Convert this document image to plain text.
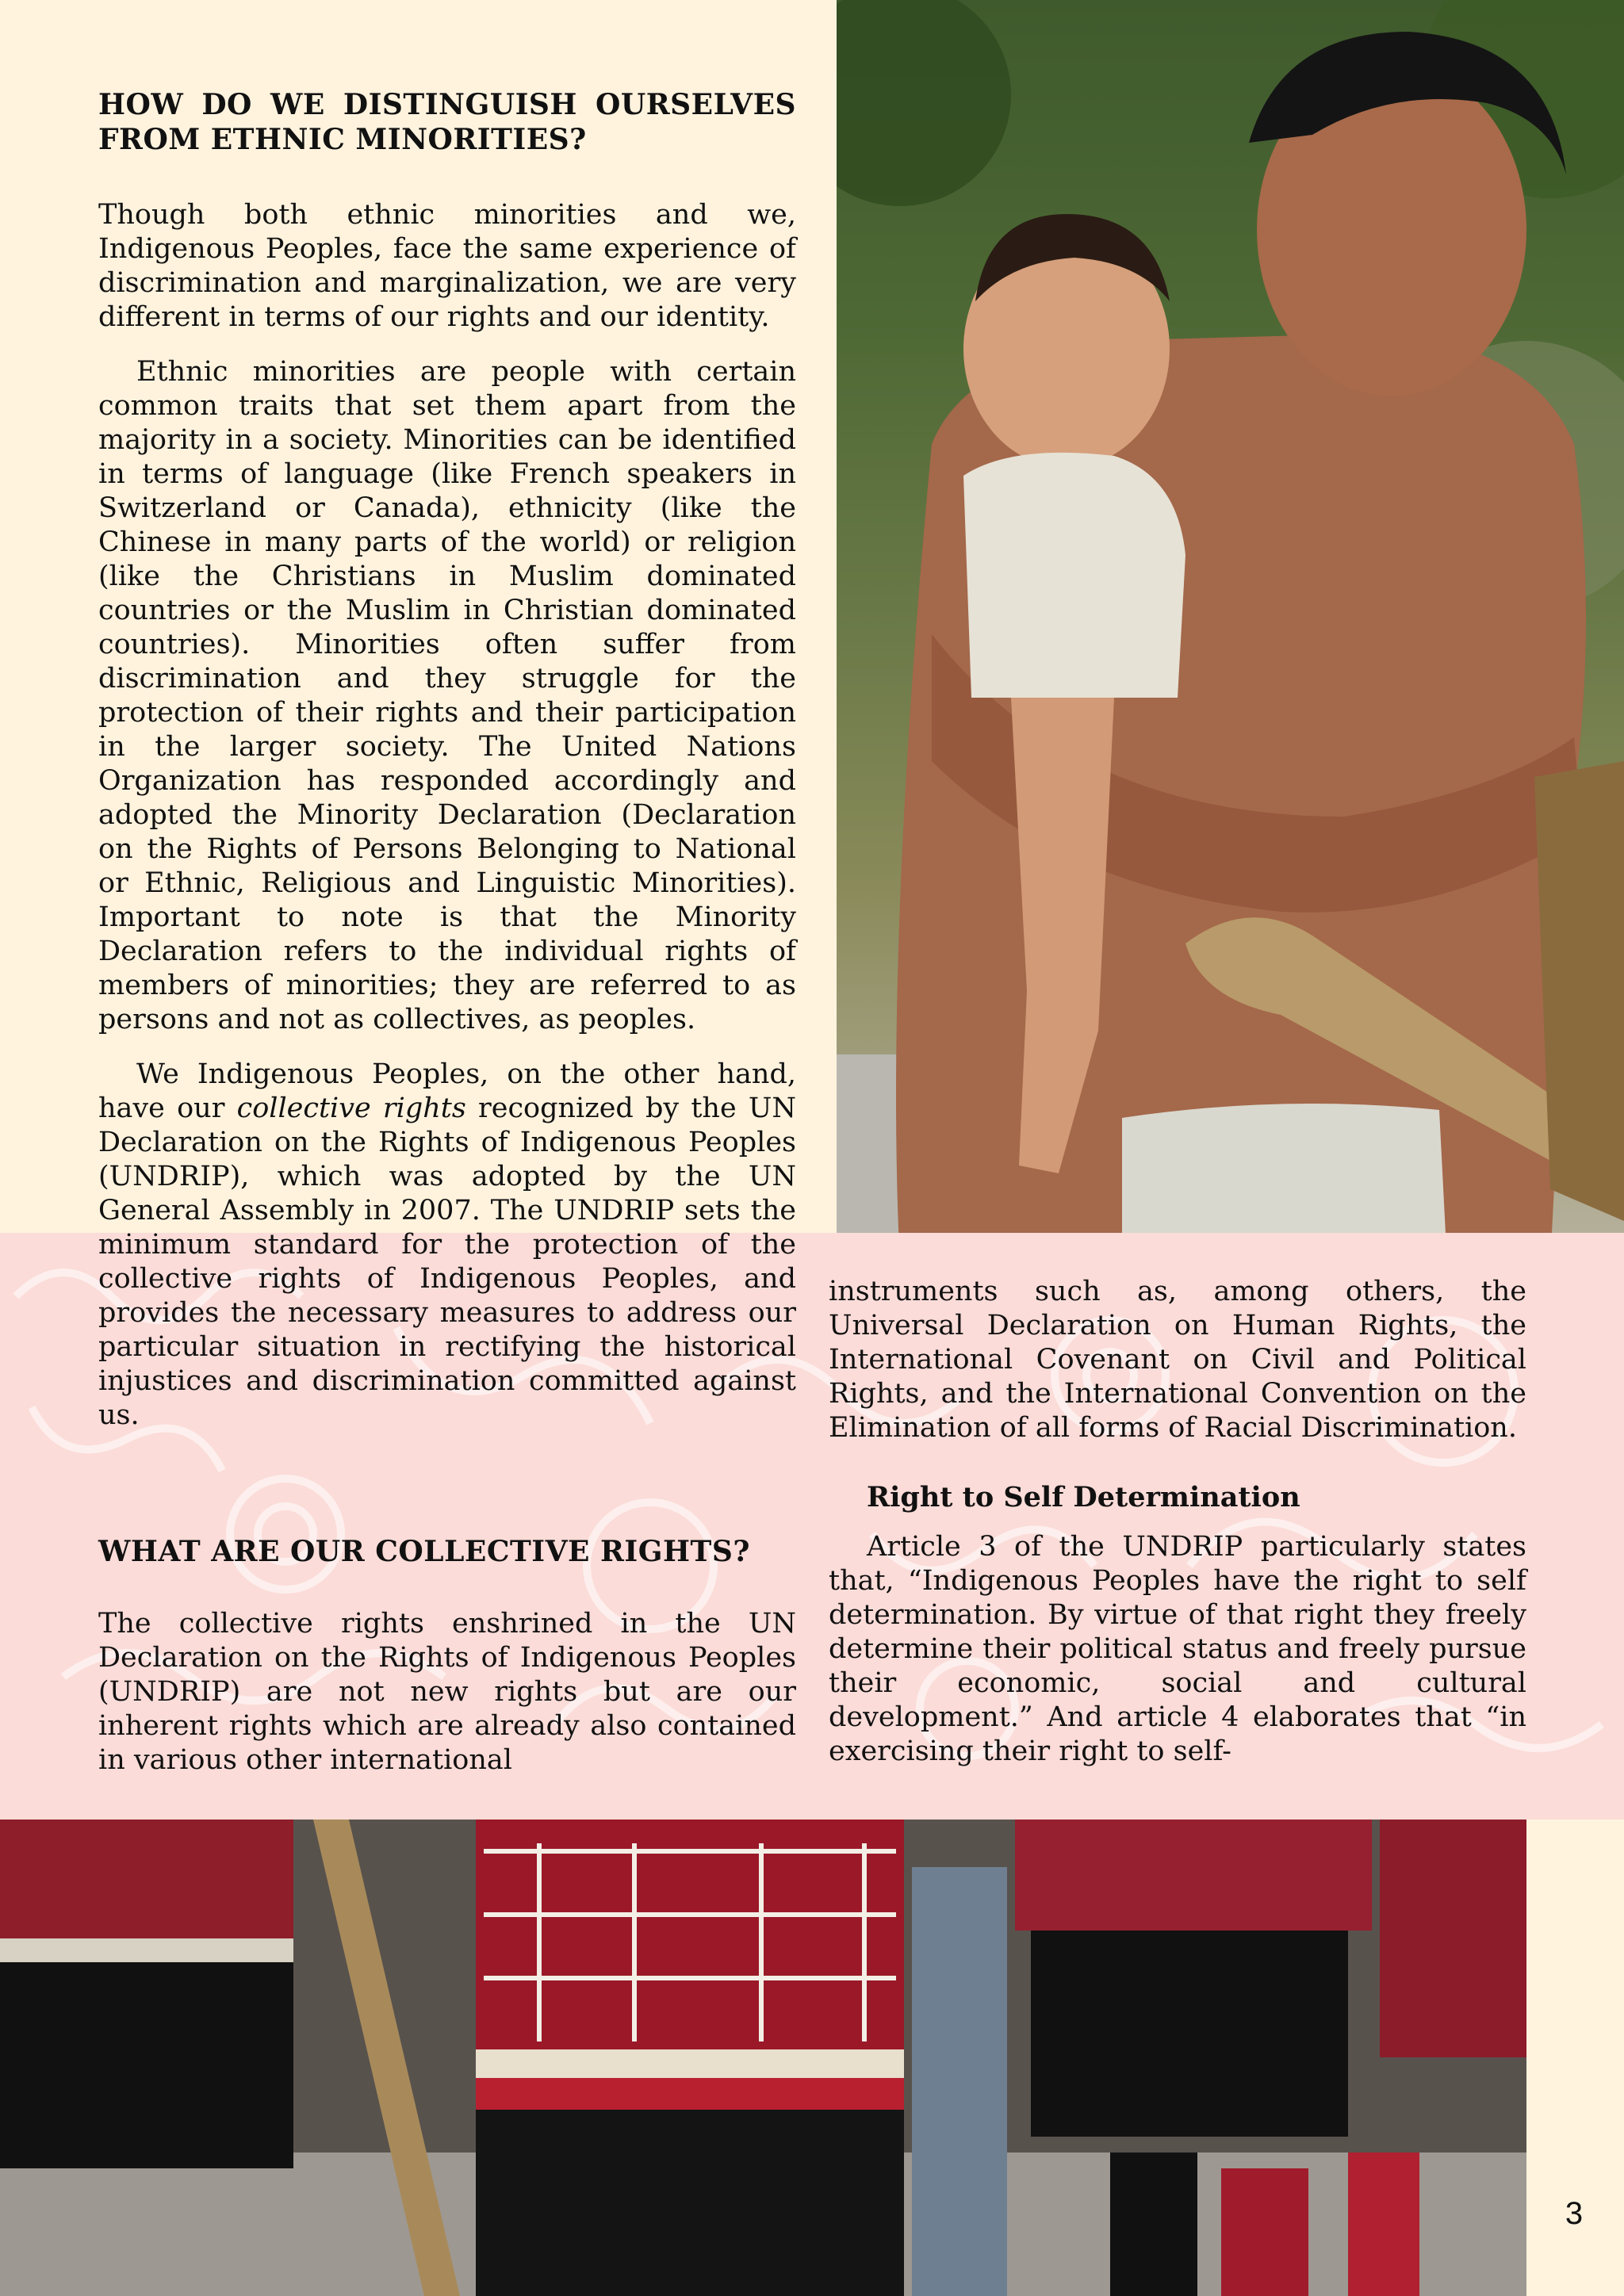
HOW DO WE DISTINGUISH OURSELVES FROM ETHNIC MINORITIES?

Though both ethnic minorities and we, Indigenous Peoples, face the same experience of discrimination and marginalization, we are very different in terms of our rights and our identity.

Ethnic minorities are people with certain common traits that set them apart from the majority in a society. Minorities can be identified in terms of language (like French speakers in Switzerland or Canada), ethnicity (like the Chinese in many parts of the world) or religion (like the Christians in Muslim dominated countries or the Muslim in Christian dominated countries). Minorities often suffer from discrimination and they struggle for the protection of their rights and their participation in the larger society. The United Nations Organization has responded accordingly and adopted the Minority Declaration (Declaration on the Rights of Persons Belonging to National or Ethnic, Religious and Linguistic Minorities). Important to note is that the Minority Declaration refers to the individual rights of members of minorities; they are referred to as persons and not as collectives, as peoples.

We Indigenous Peoples, on the other hand, have our collective rights recognized by the UN Declaration on the Rights of Indigenous Peoples (UNDRIP), which was adopted by the UN General Assembly in 2007. The UNDRIP sets the minimum standard for the protection of the collective rights of Indigenous Peoples, and provides the necessary measures to address our particular situation in rectifying the historical injustices and discrimination committed against us.

WHAT ARE OUR COLLECTIVE RIGHTS?

The collective rights enshrined in the UN Declaration on the Rights of Indigenous Peoples (UNDRIP) are not new rights but are our inherent rights which are already also contained in various other international

instruments such as, among others, the Universal Declaration on Human Rights, the International Covenant on Civil and Political Rights, and the International Convention on the Elimination of all forms of Racial Discrimination.

Right to Self Determination

Article 3 of the UNDRIP particularly states that, “Indigenous Peoples have the right to self determination. By virtue of that right they freely determine their political status and freely pursue their economic, social and cultural development.” And article 4 elaborates that “in exercising their right to self-

3
